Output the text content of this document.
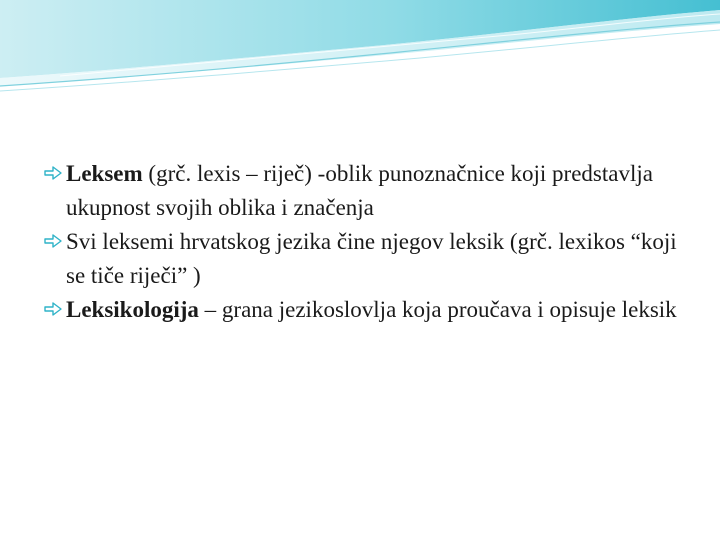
Leksem (grč. lexis – riječ) -oblik punoznačnice koji predstavlja ukupnost svojih oblika i značenja

Svi leksemi hrvatskog jezika čine njegov leksik (grč. lexikos “koji se tiče riječi” )

Leksikologija – grana jezikoslovlja koja proučava i opisuje leksik
